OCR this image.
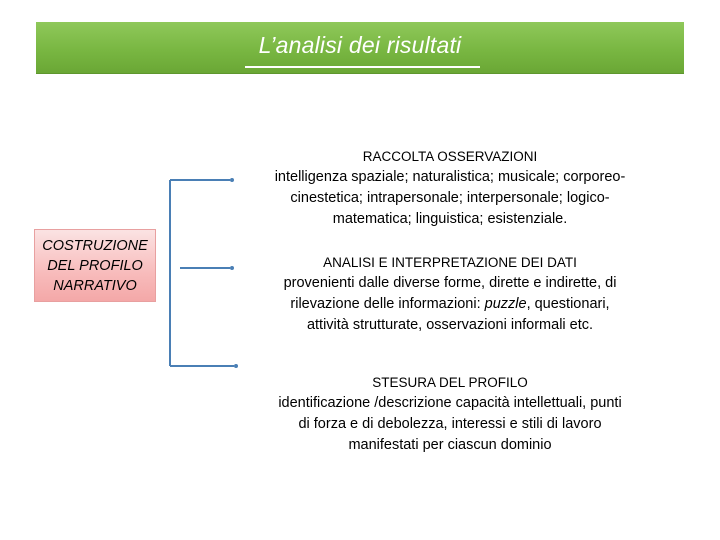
L’analisi dei risultati
COSTRUZIONE
DEL PROFILO
NARRATIVO
RACCOLTA OSSERVAZIONI
intelligenza spaziale; naturalistica; musicale; corporeo-
cinestetica; intrapersonale; interpersonale; logico-
matematica; linguistica; esistenziale.
ANALISI E INTERPRETAZIONE DEI DATI
provenienti dalle diverse forme, dirette e indirette, di
rilevazione delle informazioni: puzzle, questionari,
attività strutturate, osservazioni informali etc.
STESURA DEL PROFILO
identificazione /descrizione capacità intellettuali, punti
di forza e di debolezza, interessi e stili di lavoro
manifestati per ciascun dominio
